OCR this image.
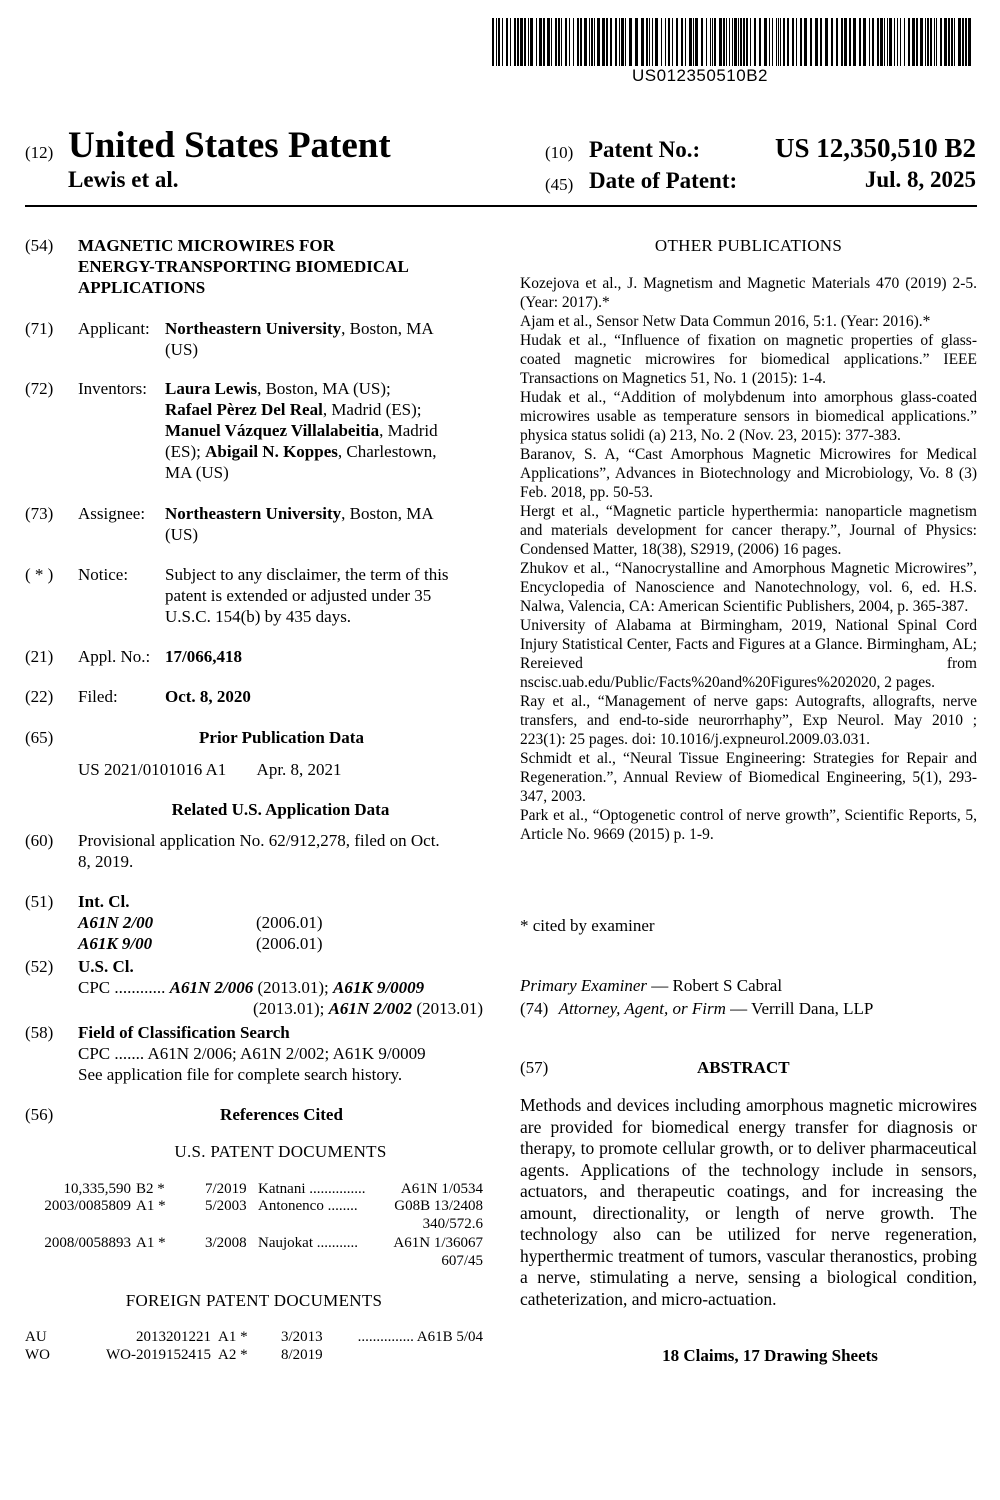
US012350510B2
(12) United States Patent
Lewis et al.
(10) Patent No.:	US 12,350,510 B2
(45) Date of Patent:	Jul. 8, 2025
(54) MAGNETIC MICROWIRES FOR
ENERGY-TRANSPORTING BIOMEDICAL
APPLICATIONS
(71) Applicant: Northeastern University, Boston, MA
(US)
(72) Inventors: Laura Lewis, Boston, MA (US);
Rafael Pèrez Del Real, Madrid (ES);
Manuel Vázquez Villalabeitia, Madrid
(ES); Abigail N. Koppes, Charlestown,
MA (US)
(73) Assignee: Northeastern University, Boston, MA
(US)
( * ) Notice: Subject to any disclaimer, the term of this
patent is extended or adjusted under 35
U.S.C. 154(b) by 435 days.
(21) Appl. No.: 17/066,418
(22) Filed:	Oct. 8, 2020
(65)	Prior Publication Data
US 2021/0101016 A1 Apr. 8, 2021
Related U.S. Application Data
(60) Provisional application No. 62/912,278, filed on Oct.
8, 2019.
(51) Int. Cl.
A61N 2/00	(2006.01)
A61K 9/00	(2006.01)
(52) U.S. Cl.
CPC ............ A61N 2/006 (2013.01); A61K 9/0009
(2013.01); A61N 2/002 (2013.01)
(58) Field of Classification Search
CPC ....... A61N 2/006; A61N 2/002; A61K 9/0009
See application file for complete search history.
(56)	References Cited
U.S. PATENT DOCUMENTS
10,335,590 B2 *	7/2019 Katnani ............... A61N 1/0534
2003/0085809 A1 *	5/2003 Antonenco ........ G08B 13/2408
340/572.6
2008/0058893 A1 *	3/2008 Naujokat ........... A61N 1/36067
607/45
FOREIGN PATENT DOCUMENTS
AU	2013201221 A1 * 3/2013 ............... A61B 5/04
WO	WO-2019152415 A2 * 8/2019
OTHER PUBLICATIONS

Kozejova et al., J. Magnetism and Magnetic Materials 470 (2019) 2-5. (Year: 2017).*

Ajam et al., Sensor Netw Data Commun 2016, 5:1. (Year: 2016).*

Hudak et al., “Influence of fixation on magnetic properties of glass-coated magnetic microwires for biomedical applications.” IEEE Transactions on Magnetics 51, No. 1 (2015): 1-4.

Hudak et al., “Addition of molybdenum into amorphous glass-coated microwires usable as temperature sensors in biomedical applications.” physica status solidi (a) 213, No. 2 (Nov. 23, 2015): 377-383.

Baranov, S. A, “Cast Amorphous Magnetic Microwires for Medical Applications”, Advances in Biotechnology and Microbiology, Vo. 8 (3) Feb. 2018, pp. 50-53.

Hergt et al., “Magnetic particle hyperthermia: nanoparticle magnetism and materials development for cancer therapy.”, Journal of Physics: Condensed Matter, 18(38), S2919, (2006) 16 pages.

Zhukov et al., “Nanocrystalline and Amorphous Magnetic Microwires”, Encyclopedia of Nanoscience and Nanotechnology, vol. 6, ed. H.S. Nalwa, Valencia, CA: American Scientific Publishers, 2004, p. 365-387.

University of Alabama at Birmingham, 2019, National Spinal Cord Injury Statistical Center, Facts and Figures at a Glance. Birmingham, AL; Rereieved from nscisc.uab.edu/Public/Facts%20and%20Figures%202020, 2 pages.

Ray et al., “Management of nerve gaps: Autografts, allografts, nerve transfers, and end-to-side neurorrhaphy”, Exp Neurol. May 2010 ; 223(1): 25 pages. doi: 10.1016/j.expneurol.2009.03.031.

Schmidt et al., “Neural Tissue Engineering: Strategies for Repair and Regeneration.”, Annual Review of Biomedical Engineering, 5(1), 293-347, 2003.

Park et al., “Optogenetic control of nerve growth”, Scientific Reports, 5, Article No. 9669 (2015) p. 1-9.

* cited by examiner
Primary Examiner — Robert S Cabral
(74) Attorney, Agent, or Firm — Verrill Dana, LLP
(57)	ABSTRACT
Methods and devices including amorphous magnetic microwires are provided for biomedical energy transfer for diagnosis or therapy, to promote cellular growth, or to deliver pharmaceutical agents. Applications of the technology include in sensors, actuators, and therapeutic coatings, and for increasing the amount, directionality, or length of nerve growth. The technology also can be utilized for nerve regeneration, hyperthermic treatment of tumors, vascular theranostics, probing a nerve, stimulating a nerve, sensing a biological condition, catheterization, and micro-actuation.
18 Claims, 17 Drawing Sheets
